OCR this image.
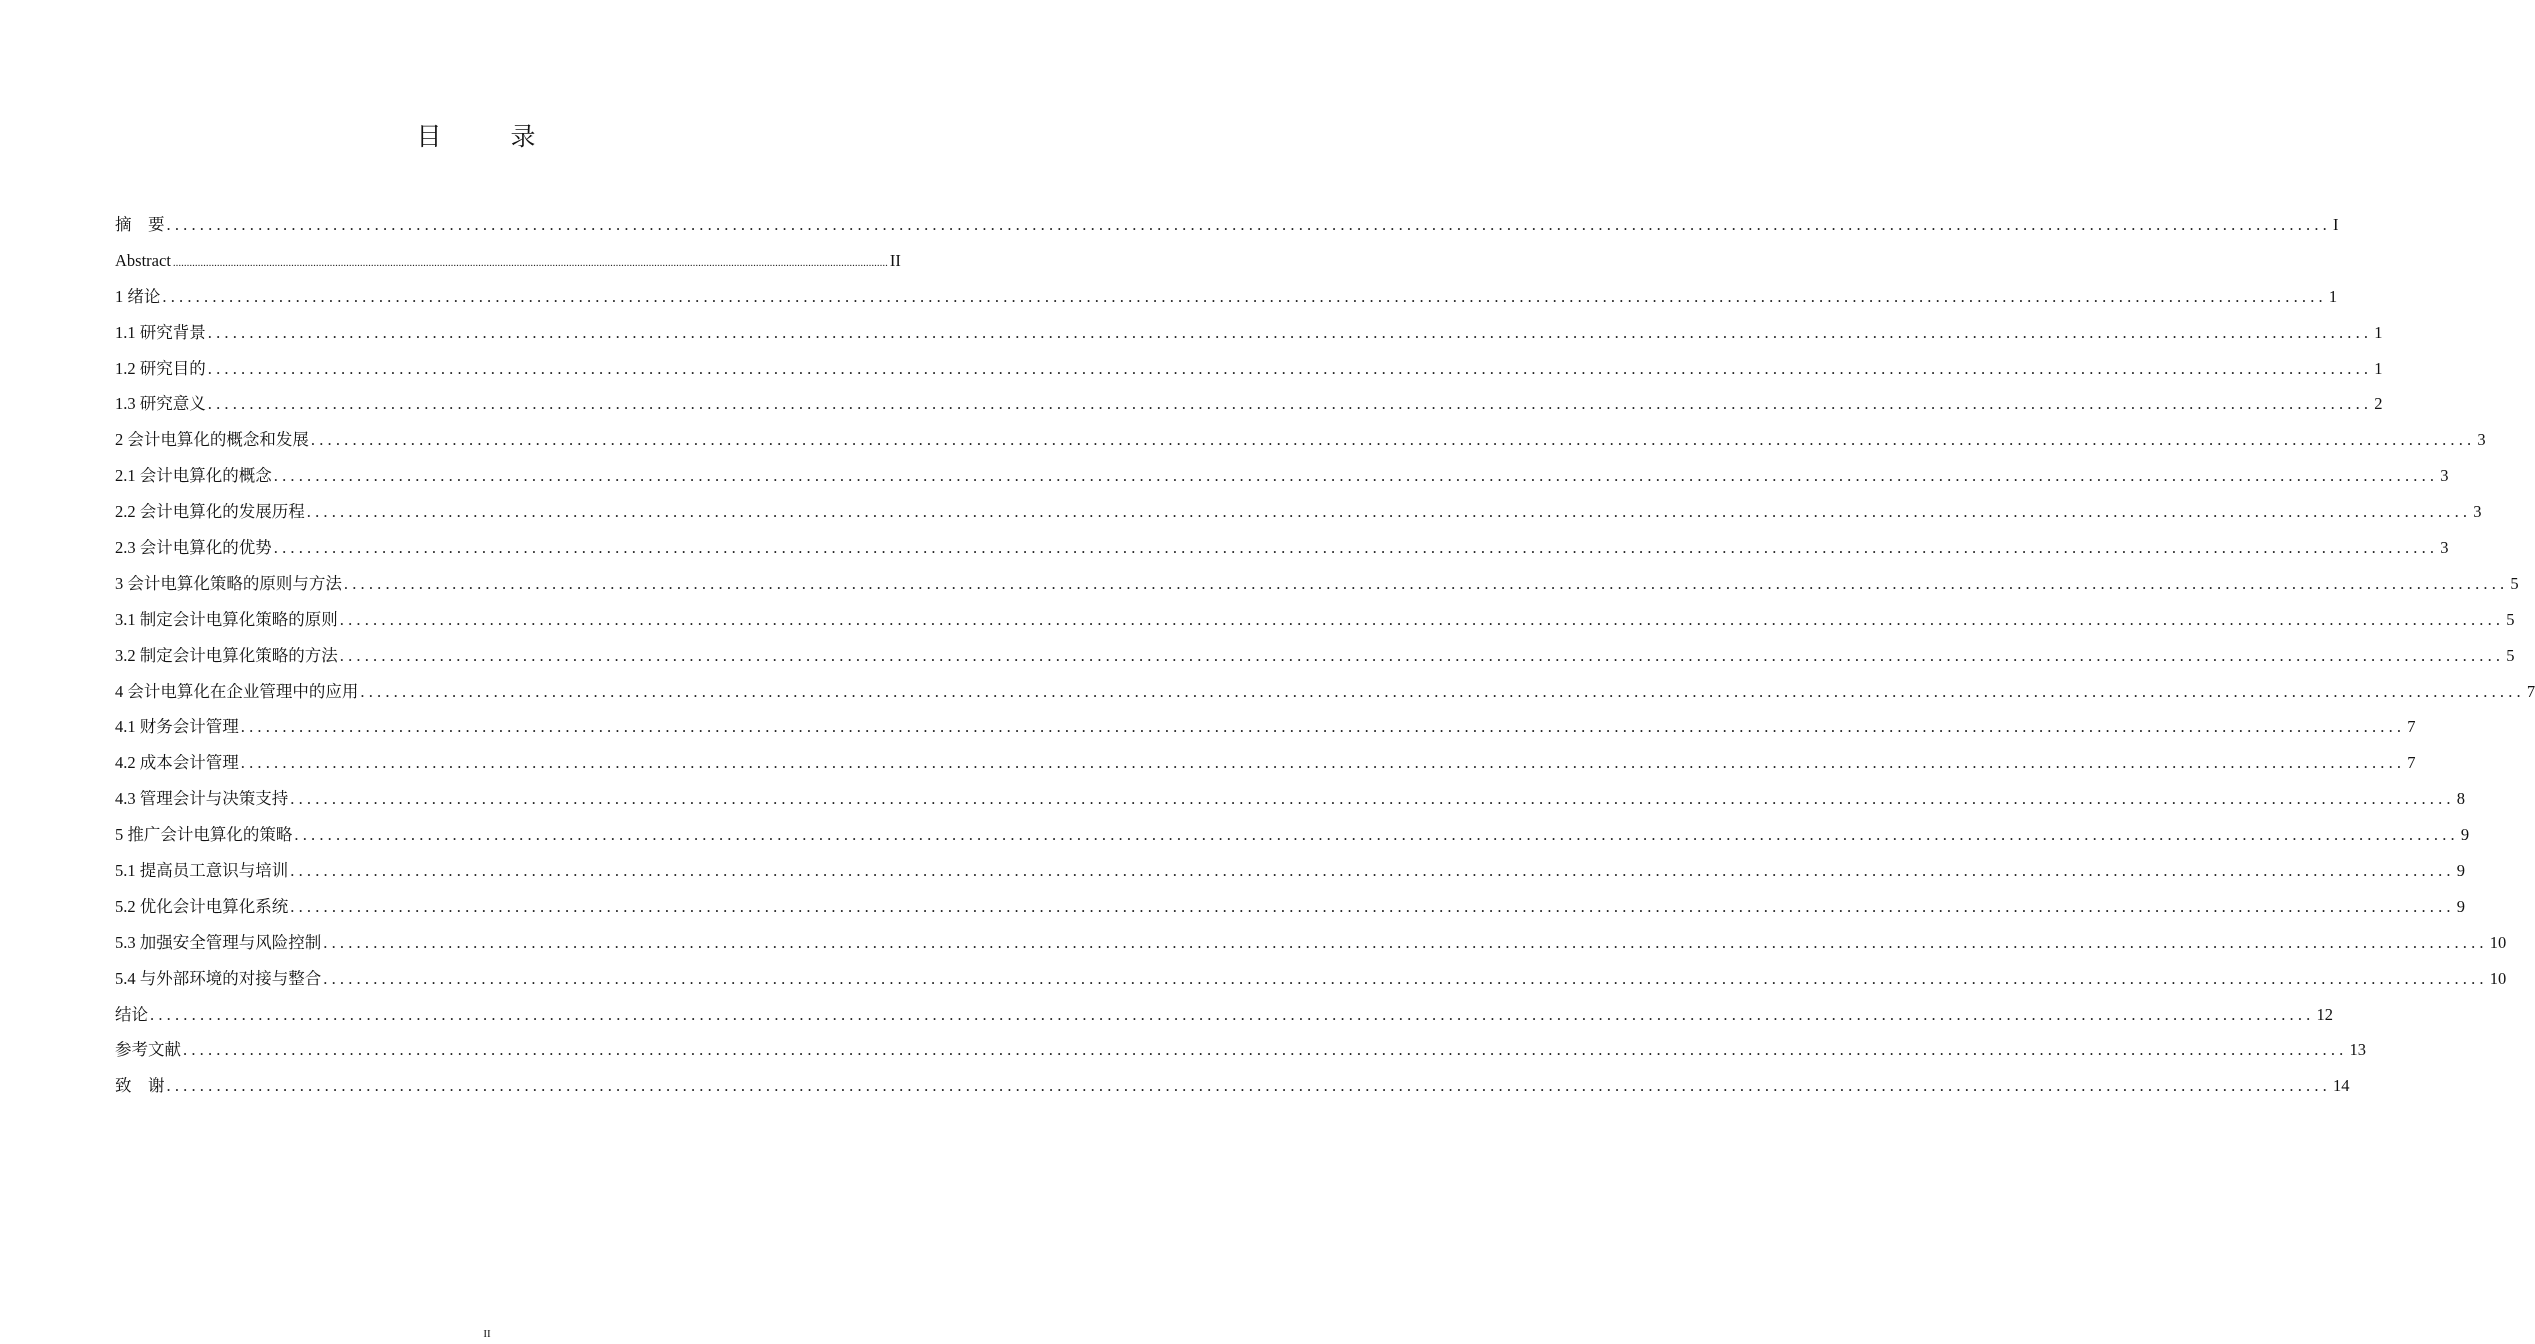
目　录
摘　要 .................................................................................................................................................................................................................................................................... I
Abstract .................................................................................................................................................................................................................................................................... II
1 绪论 .................................................................................................................................................................................................................................................................... 1
1.1 研究背景 .................................................................................................................................................................................................................................................................... 1
1.2 研究目的 .................................................................................................................................................................................................................................................................... 1
1.3 研究意义 .................................................................................................................................................................................................................................................................... 2
2 会计电算化的概念和发展 .................................................................................................................................................................................................................................................................... 3
2.1 会计电算化的概念 .................................................................................................................................................................................................................................................................... 3
2.2 会计电算化的发展历程 .................................................................................................................................................................................................................................................................... 3
2.3 会计电算化的优势 .................................................................................................................................................................................................................................................................... 3
3 会计电算化策略的原则与方法 .................................................................................................................................................................................................................................................................... 5
3.1 制定会计电算化策略的原则 .................................................................................................................................................................................................................................................................... 5
3.2 制定会计电算化策略的方法 .................................................................................................................................................................................................................................................................... 5
4 会计电算化在企业管理中的应用 .................................................................................................................................................................................................................................................................... 7
4.1 财务会计管理 .................................................................................................................................................................................................................................................................... 7
4.2 成本会计管理 .................................................................................................................................................................................................................................................................... 7
4.3 管理会计与决策支持 .................................................................................................................................................................................................................................................................... 8
5 推广会计电算化的策略 .................................................................................................................................................................................................................................................................... 9
5.1 提高员工意识与培训 .................................................................................................................................................................................................................................................................... 9
5.2 优化会计电算化系统 .................................................................................................................................................................................................................................................................... 9
5.3 加强安全管理与风险控制 .................................................................................................................................................................................................................................................................... 10
5.4 与外部环境的对接与整合 .................................................................................................................................................................................................................................................................... 10
结论 .................................................................................................................................................................................................................................................................... 12
参考文献 .................................................................................................................................................................................................................................................................... 13
致　谢 .................................................................................................................................................................................................................................................................... 14
II
